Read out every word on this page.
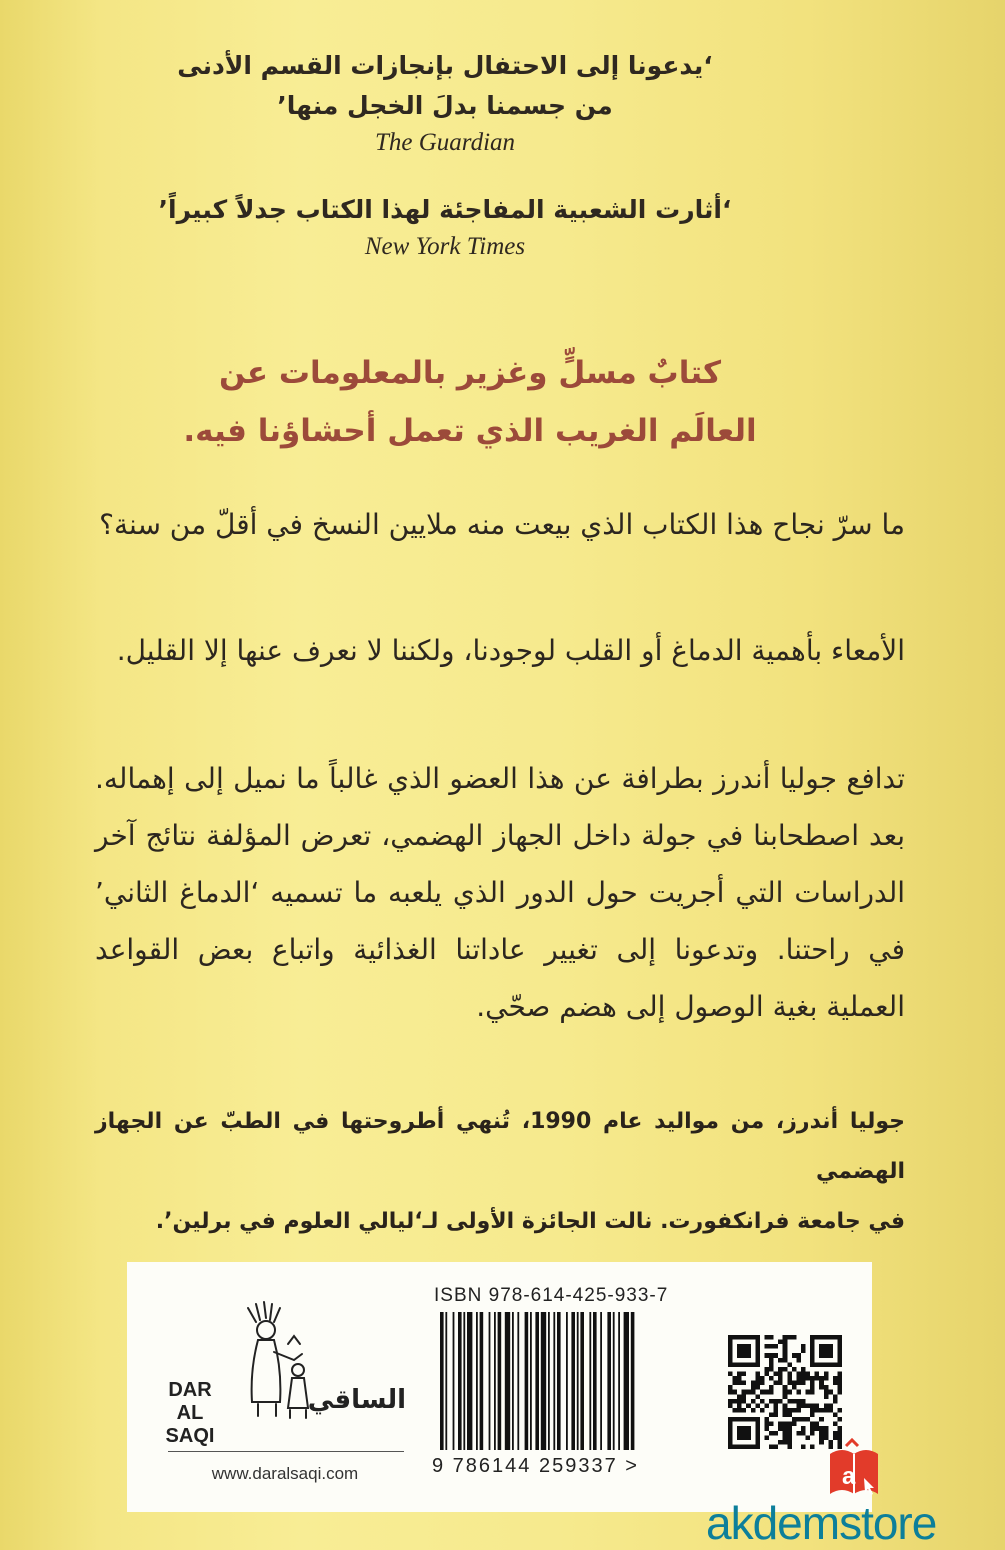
‘يدعونا إلى الاحتفال بإنجازات القسم الأدنى
من جسمنا بدلَ الخجل منها’
The Guardian
‘أثارت الشعبية المفاجئة لهذا الكتاب جدلاً كبيراً’
New York Times
كتابٌ مسلٍّ وغزير بالمعلومات عن
العالَم الغريب الذي تعمل أحشاؤنا فيه.

ما سرّ نجاح هذا الكتاب الذي بيعت منه ملايين النسخ في أقلّ من سنة؟

الأمعاء بأهمية الدماغ أو القلب لوجودنا، ولكننا لا نعرف عنها إلا القليل.

تدافع جوليا أندرز بطرافة عن هذا العضو الذي غالباً ما نميل إلى إهماله. بعد اصطحابنا في جولة داخل الجهاز الهضمي، تعرض المؤلفة نتائج آخر الدراسات التي أجريت حول الدور الذي يلعبه ما تسميه ‘الدماغ الثاني’ في راحتنا. وتدعونا إلى تغيير عاداتنا الغذائية واتباع بعض القواعد العملية بغية الوصول إلى هضم صحّي.

جوليا أندرز، من مواليد عام 1990، تُنهي أطروحتها في الطبّ عن الجهاز الهضمي

في جامعة فرانكفورت. نالت الجائزة الأولى لـ‘ليالي العلوم في برلين’.

ISBN 978-614-425-933-7
9 786144 259337 >
DAR
AL SAQI
الساقي
www.daralsaqi.com	a
akdemstore
